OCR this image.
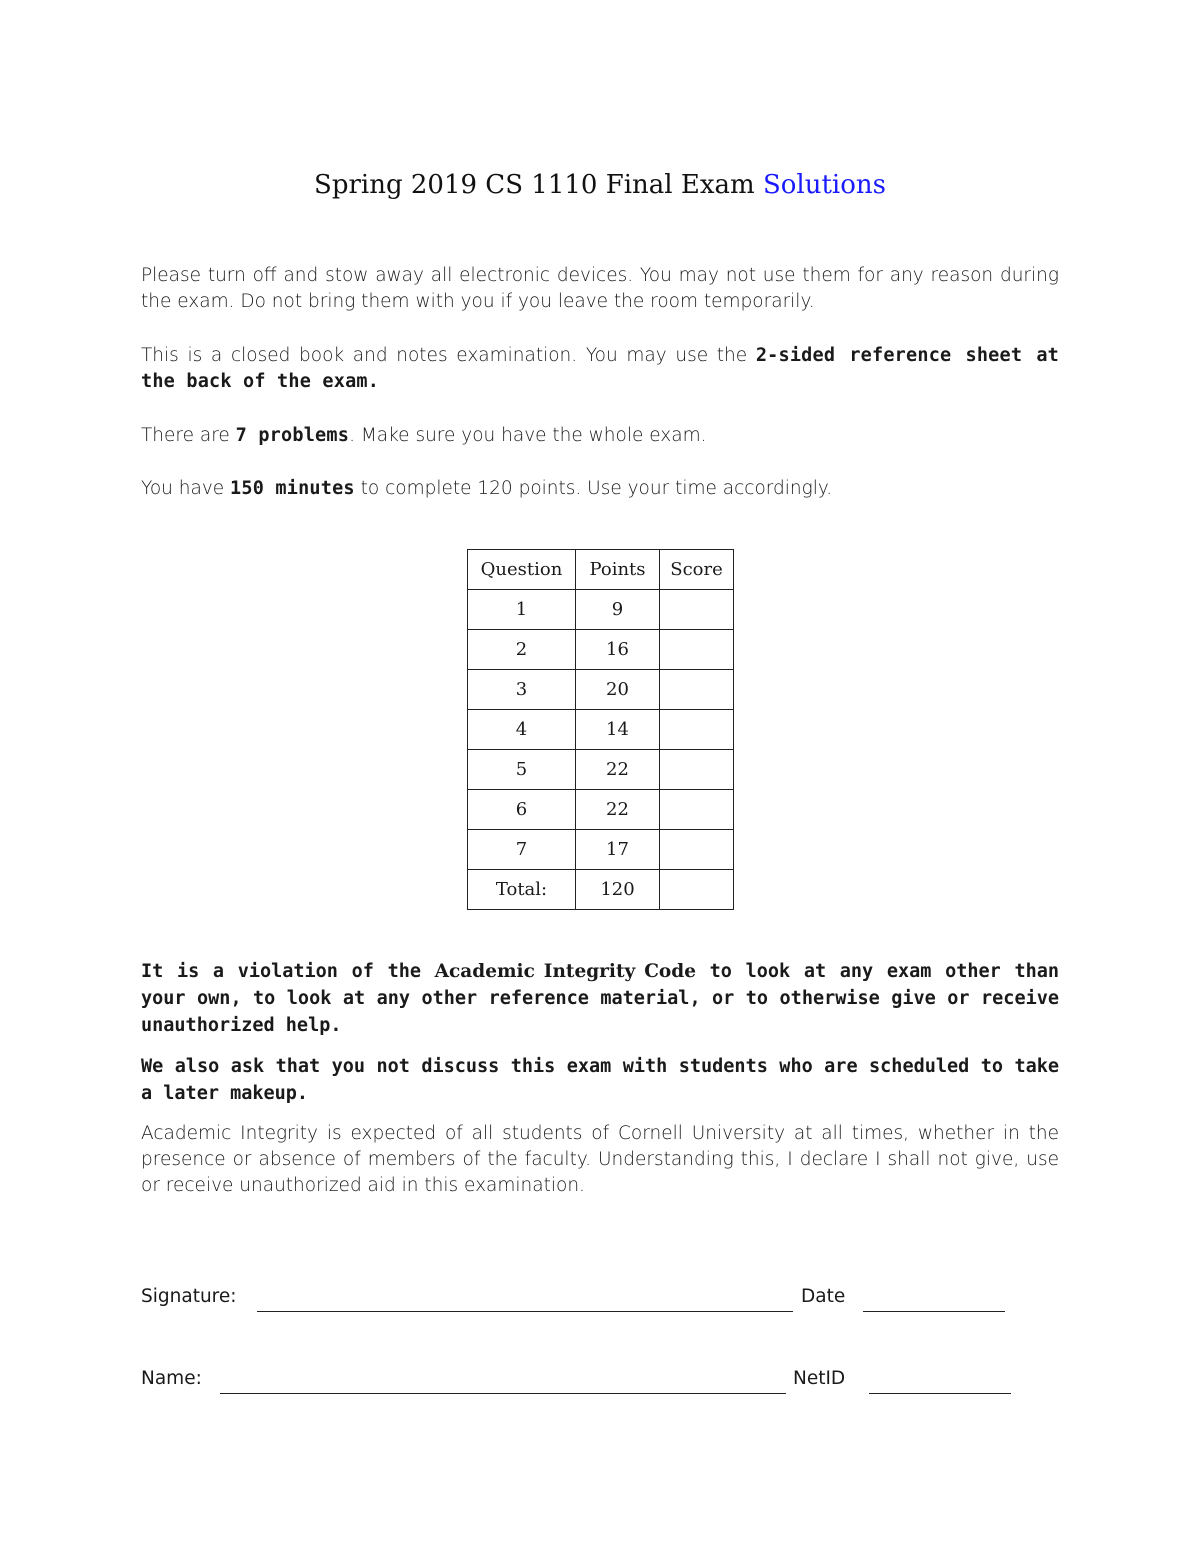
Spring 2019 CS 1110 Final Exam Solutions
Please turn off and stow away all electronic devices. You may not use them for any reason during the exam. Do not bring them with you if you leave the room temporarily.
This is a closed book and notes examination. You may use the 2-sided reference sheet at the back of the exam.
There are 7 problems. Make sure you have the whole exam.
You have 150 minutes to complete 120 points. Use your time accordingly.
Question	Points	Score
1	9	
2	16	
3	20	
4	14	
5	22	
6	22	
7	17	
Total:	120	
It is a violation of the Academic Integrity Code to look at any exam other than your own, to look at any other reference material, or to otherwise give or receive unauthorized help.
We also ask that you not discuss this exam with students who are scheduled to take a later makeup.
Academic Integrity is expected of all students of Cornell University at all times, whether in the presence or absence of members of the faculty. Understanding this, I declare I shall not give, use or receive unauthorized aid in this examination.
Signature:	Date
Name:	NetID
